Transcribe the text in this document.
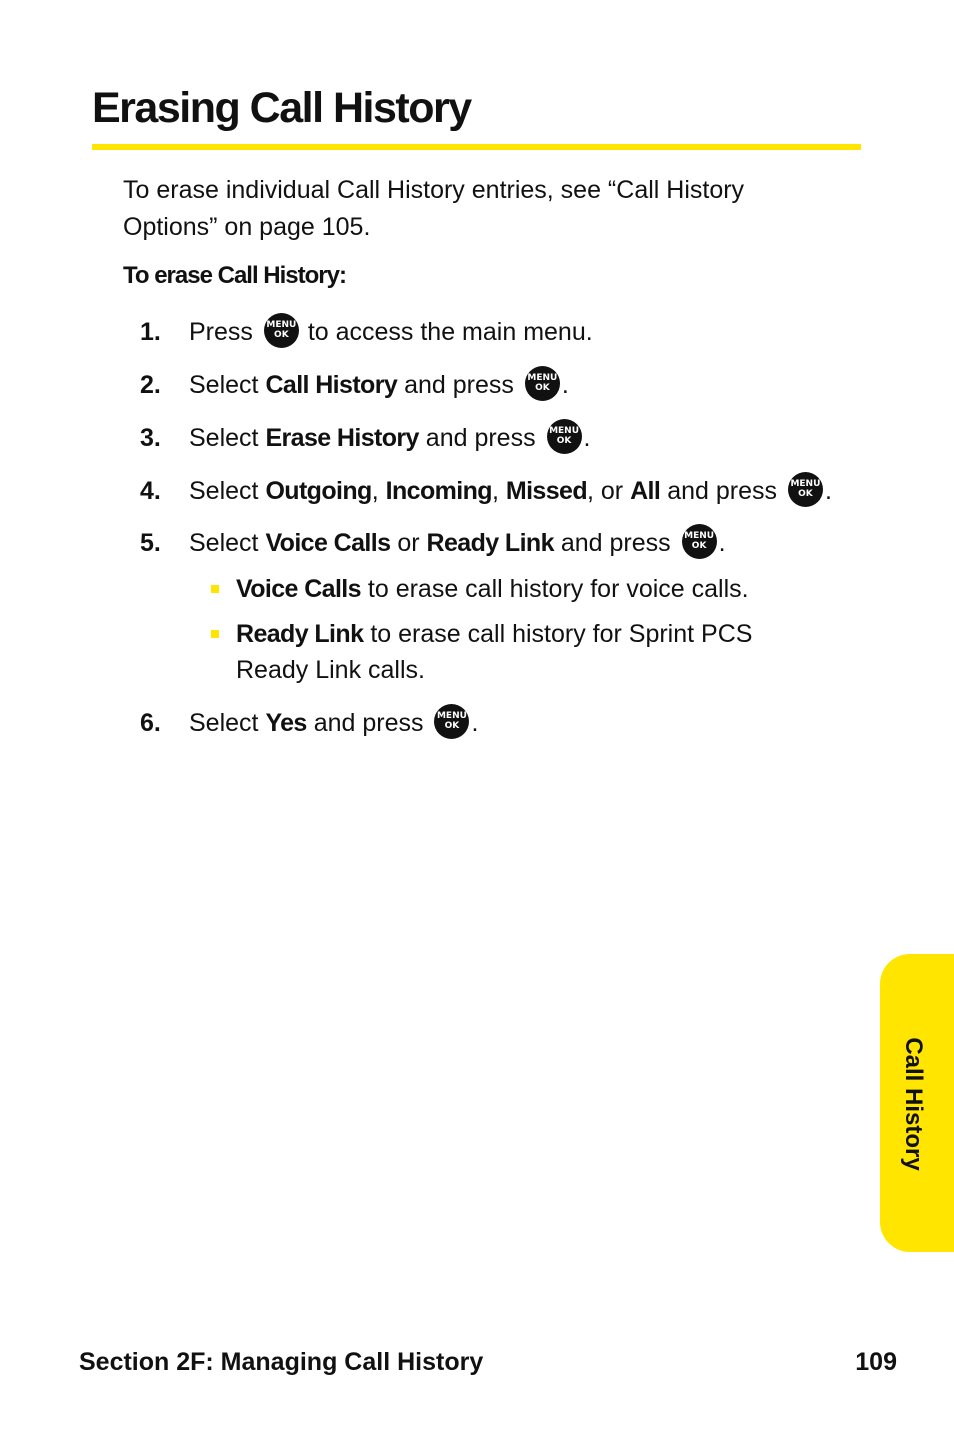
Erasing Call History

To erase individual Call History entries, see “Call History Options” on page 105.

To erase Call History:

1. Press MENU
OK to access the main menu.
2. Select Call History and press MENU
OK .
3. Select Erase History and press MENU
OK .
4. Select Outgoing, Incoming, Missed, or All and press MENU
OK .
5. Select Voice Calls or Ready Link and press MENU
OK .
Voice Calls to erase call history for voice calls.
Ready Link to erase call history for Sprint PCS Ready Link calls.
6. Select Yes and press MENU
OK .
Call History
Section 2F: Managing Call History	109
